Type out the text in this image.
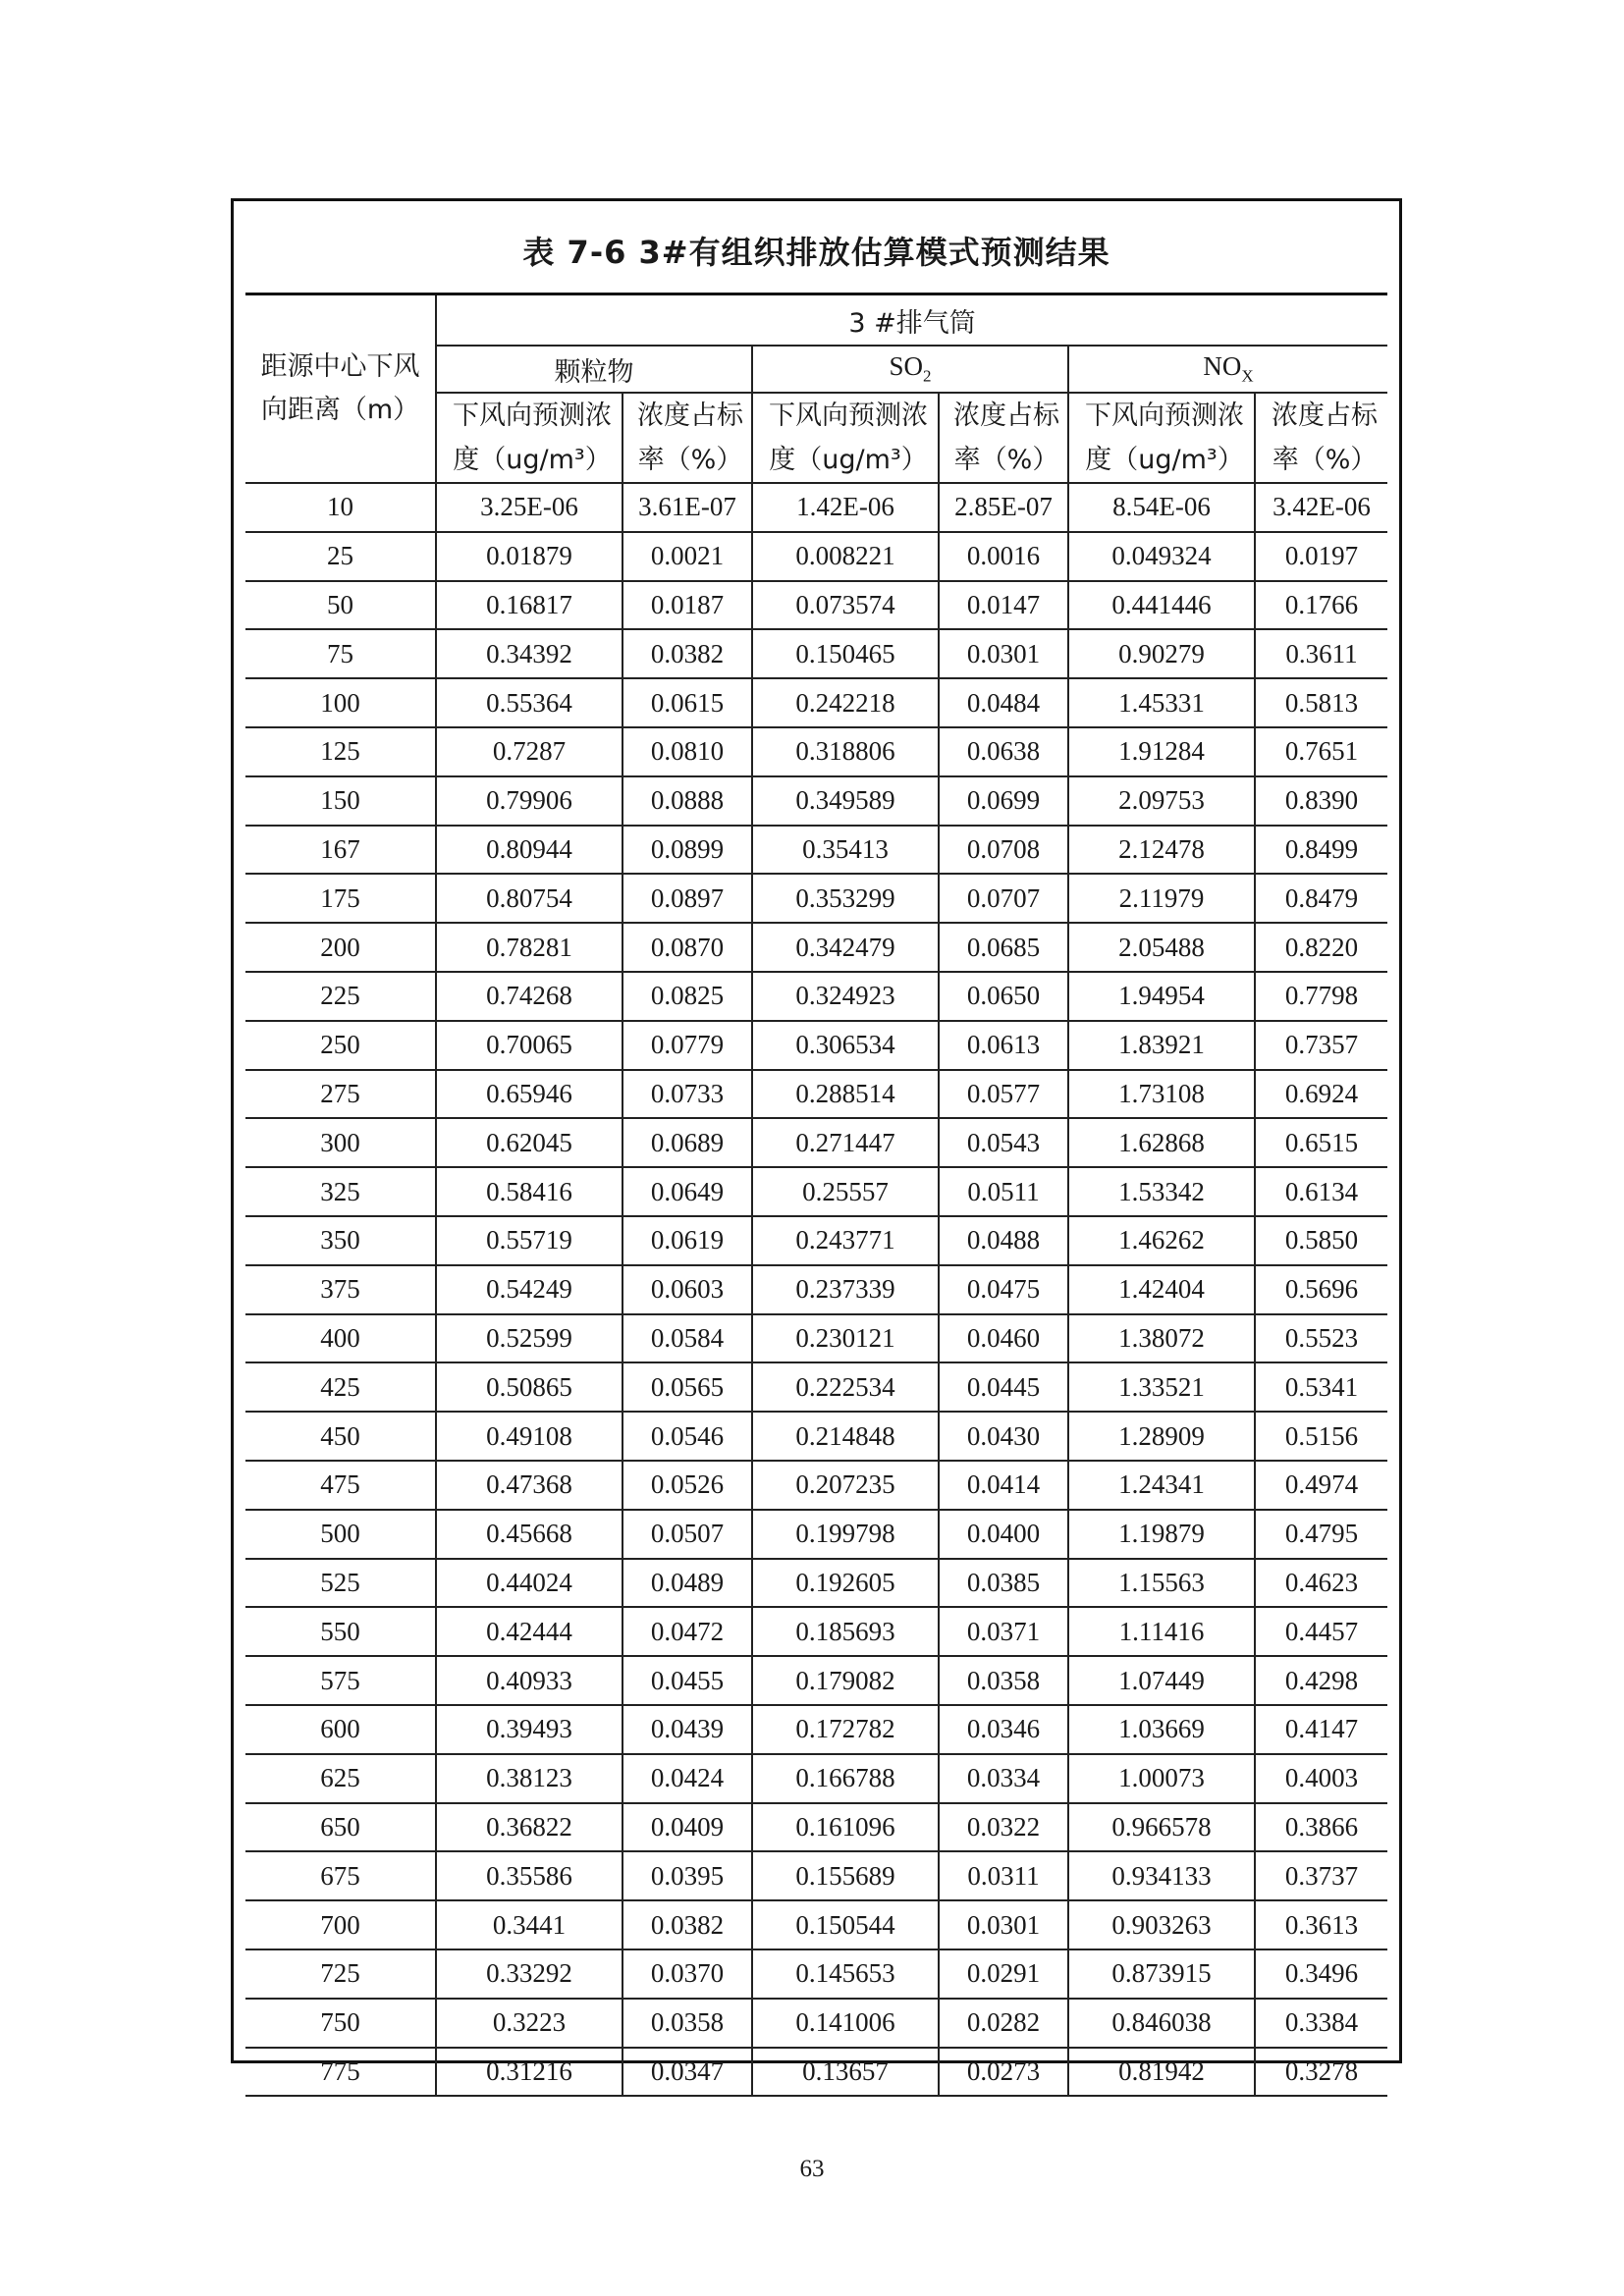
表 7-6 3#有组织排放估算模式预测结果
距源中心下风向距离（m）	3 #排气筒					
	颗粒物		$SO_2$		$NO_X$
	下风向预测浓度（ug/m³）	浓度占标率（%）	下风向预测浓度（ug/m³）	浓度占标率（%）	下风向预测浓度（ug/m³）	浓度占标率（%）
10	3.25E-06	3.61E-07	1.42E-06	2.85E-07	8.54E-06	3.42E-06
25	0.01879	0.0021	0.008221	0.0016	0.049324	0.0197
50	0.16817	0.0187	0.073574	0.0147	0.441446	0.1766
75	0.34392	0.0382	0.150465	0.0301	0.90279	0.3611
100	0.55364	0.0615	0.242218	0.0484	1.45331	0.5813
125	0.7287	0.0810	0.318806	0.0638	1.91284	0.7651
150	0.79906	0.0888	0.349589	0.0699	2.09753	0.8390
167	0.80944	0.0899	0.35413	0.0708	2.12478	0.8499
175	0.80754	0.0897	0.353299	0.0707	2.11979	0.8479
200	0.78281	0.0870	0.342479	0.0685	2.05488	0.8220
225	0.74268	0.0825	0.324923	0.0650	1.94954	0.7798
250	0.70065	0.0779	0.306534	0.0613	1.83921	0.7357
275	0.65946	0.0733	0.288514	0.0577	1.73108	0.6924
300	0.62045	0.0689	0.271447	0.0543	1.62868	0.6515
325	0.58416	0.0649	0.25557	0.0511	1.53342	0.6134
350	0.55719	0.0619	0.243771	0.0488	1.46262	0.5850
375	0.54249	0.0603	0.237339	0.0475	1.42404	0.5696
400	0.52599	0.0584	0.230121	0.0460	1.38072	0.5523
425	0.50865	0.0565	0.222534	0.0445	1.33521	0.5341
450	0.49108	0.0546	0.214848	0.0430	1.28909	0.5156
475	0.47368	0.0526	0.207235	0.0414	1.24341	0.4974
500	0.45668	0.0507	0.199798	0.0400	1.19879	0.4795
525	0.44024	0.0489	0.192605	0.0385	1.15563	0.4623
550	0.42444	0.0472	0.185693	0.0371	1.11416	0.4457
575	0.40933	0.0455	0.179082	0.0358	1.07449	0.4298
600	0.39493	0.0439	0.172782	0.0346	1.03669	0.4147
625	0.38123	0.0424	0.166788	0.0334	1.00073	0.4003
650	0.36822	0.0409	0.161096	0.0322	0.966578	0.3866
675	0.35586	0.0395	0.155689	0.0311	0.934133	0.3737
700	0.3441	0.0382	0.150544	0.0301	0.903263	0.3613
725	0.33292	0.0370	0.145653	0.0291	0.873915	0.3496
750	0.3223	0.0358	0.141006	0.0282	0.846038	0.3384
775	0.31216	0.0347	0.13657	0.0273	0.81942	0.3278
63
